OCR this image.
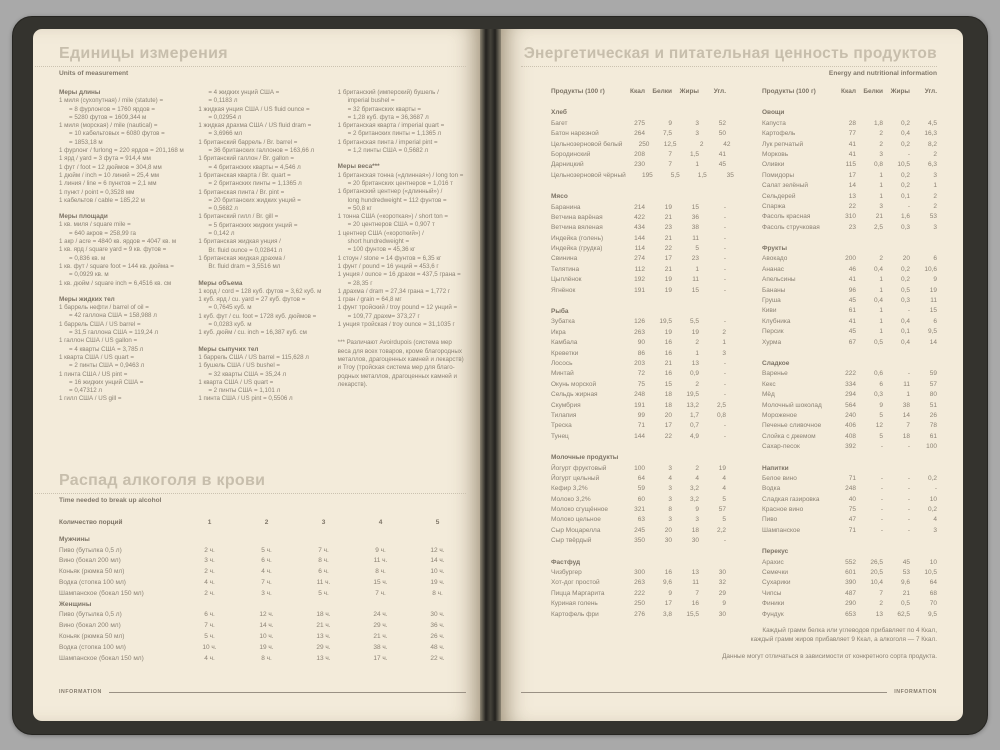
Единицы измерения
Units of measurement
Меры длины
1 миля (сухопутная) / mile (statute) =
= 8 фурлонгов = 1760 ярдов =
= 5280 футов = 1609,344 м
1 миля (морская) / mile (nautical) =
= 10 кабельтовых = 6080 футов =
= 1853,18 м
1 фурлонг / furlong = 220 ярдов = 201,168 м
1 ярд / yard = 3 фута = 914,4 мм
1 фут / foot = 12 дюймов = 304,8 мм
1 дюйм / inch = 10 линий = 25,4 мм
1 линия / line = 6 пунктов = 2,1 мм
1 пункт / point = 0,3528 мм
1 кабельтов / cable = 185,22 м
Меры площади
1 кв. миля / square mile =
= 640 акров = 258,99 га
1 акр / acre = 4840 кв. ярдов = 4047 кв. м
1 кв. ярд / square yard = 9 кв. футов =
= 0,836 кв. м
1 кв. фут / square foot = 144 кв. дюйма =
= 0,0929 кв. м
1 кв. дюйм / square inch = 6,4516 кв. см
Меры жидких тел
1 баррель нефти / barrel of oil =
= 42 галлона США = 158,988 л
1 баррель США / US barrel =
= 31,5 галлона США = 119,24 л
1 галлон США / US gallon =
= 4 кварты США = 3,785 л
1 кварта США / US quart =
= 2 пинты США = 0,9463 л
1 пинта США / US pint =
= 16 жидких унций США =
= 0,47312 л
1 гилл США / US gill =
= 4 жидких унций США =
= 0,1183 л
1 жидкая унция США / US fluid ounce =
= 0,02954 л
1 жидкая драхма США / US fluid dram =
= 3,6966 мл
1 британский баррель / Br. barrel =
= 36 британских галлонов = 163,66 л
1 британский галлон / Br. gallon =
= 4 британских кварты = 4,546 л
1 британская кварта / Br. quart =
= 2 британских пинты = 1,1365 л
1 британская пинта / Br. pint =
= 20 британских жидких унций =
= 0,5682 л
1 британский гилл / Br. gill =
= 5 британских жидких унций =
= 0,142 л
1 британская жидкая унция /
Br. fluid ounce = 0,02841 л
1 британская жидкая драхма /
Br. fluid dram = 3,5516 мл
Меры объема
1 корд / cord = 128 куб. футов = 3,62 куб. м
1 куб. ярд / cu. yard = 27 куб. футов =
= 0,7645 куб. м
1 куб. фут / cu. foot = 1728 куб. дюймов =
= 0,0283 куб. м
1 куб. дюйм / cu. inch = 16,387 куб. см
Меры сыпучих тел
1 баррель США / US barrel = 115,628 л
1 бушель США / US bushel =
= 32 кварты США = 35,24 л
1 кварта США / US quart =
= 2 пинты США = 1,101 л
1 пинта США / US pint = 0,5506 л
1 британский (имперский) бушель /
imperial bushel =
= 32 британских кварты =
= 1,28 куб. фута = 36,3687 л
1 британская кварта / imperial quart =
= 2 британских пинты = 1,1365 л
1 британская пинта / imperial pint =
= 1,2 пинты США = 0,5682 л
Меры веса***
1 британская тонна («длинная») / long ton =
= 20 британских центнеров = 1,016 т
1 британский центнер («длинный») /
long hundredweight = 112 фунтов =
= 50,8 кг
1 тонна США («короткая») / short ton =
= 20 центнеров США = 0,907 т
1 центнер США («короткий») /
short hundredweight =
= 100 фунтов = 45,36 кг
1 стоун / stone = 14 фунтов = 6,35 кг
1 фунт / pound = 16 унций = 453,6 г
1 унция / ounce = 16 драхм = 437,5 грана =
= 28,35 г
1 драхма / dram = 27,34 грана = 1,772 г
1 гран / grain = 64,8 мг
1 фунт тройский / troy pound = 12 унций =
= 109,77 драхм= 373,27 г
1 унция тройская / troy ounce = 31,1035 г
*** Различают Avoirdupois (система мер
веса для всех товаров, кроме благородных
металлов, драгоценных камней и лекарств)
и Troy (тройская система мер для благо-
родных металлов, драгоценных камней и
лекарств).
Распад алкоголя в крови
Time needed to break up alcohol
Количество порций	1	2	3	4	5
Мужчины
Пиво (бутылка 0,5 л)	2 ч.	5 ч.	7 ч.	9 ч.	12 ч.
Вино (бокал 200 мл)	3 ч.	6 ч.	8 ч.	11 ч.	14 ч.
Коньяк (рюмка 50 мл)	2 ч.	4 ч.	6 ч.	8 ч.	10 ч.
Водка (стопка 100 мл)	4 ч.	7 ч.	11 ч.	15 ч.	19 ч.
Шампанское (бокал 150 мл)	2 ч.	3 ч.	5 ч.	7 ч.	8 ч.
Женщины
Пиво (бутылка 0,5 л)	6 ч.	12 ч.	18 ч.	24 ч.	30 ч.
Вино (бокал 200 мл)	7 ч.	14 ч.	21 ч.	29 ч.	36 ч.
Коньяк (рюмка 50 мл)	5 ч.	10 ч.	13 ч.	21 ч.	26 ч.
Водка (стопка 100 мл)	10 ч.	19 ч.	29 ч.	38 ч.	48 ч.
Шампанское (бокал 150 мл)	4 ч.	8 ч.	13 ч.	17 ч.	22 ч.
INFORMATION
Энергетическая и питательная ценность продуктов
Energy and nutritional information
Продукты (100 г)	Ккал	Белки	Жиры	Угл.
Хлеб
Багет	275	9	3	52
Батон нарезной	264	7,5	3	50
Цельнозерновой белый	250	12,5	2	42
Бородинский	208	7	1,5	41
Дарницкий	230	7	1	45
Цельнозерновой чёрный	195	5,5	1,5	35
Мясо
Баранина	214	19	15	-
Ветчина варёная	422	21	36	-
Ветчина вяленая	434	23	38	-
Индейка (голень)	144	21	11	-
Индейка (грудка)	114	22	5	-
Свинина	274	17	23	-
Телятина	112	21	1	-
Цыплёнок	192	19	11	-
Ягнёнок	191	19	15	-
Рыба
Зубатка	126	19,5	5,5	-
Икра	263	19	19	2
Камбала	90	16	2	1
Креветки	86	16	1	3
Лосось	203	21	13	-
Минтай	72	16	0,9	-
Окунь морской	75	15	2	-
Сельдь жирная	248	18	19,5	-
Скумбрия	191	18	13,2	2,5
Тилапия	99	20	1,7	0,8
Треска	71	17	0,7	-
Тунец	144	22	4,9	-
Молочные продукты
Йогурт фруктовый	100	3	2	19
Йогурт цельный	64	4	4	4
Кефир 3,2%	59	3	3,2	4
Молоко 3,2%	60	3	3,2	5
Молоко сгущённое	321	8	9	57
Молоко цельное	63	3	3	5
Сыр Моцарелла	245	20	18	2,2
Сыр твёрдый	350	30	30	-
Фастфуд
Чизбургер	300	16	13	30
Хот-дог простой	263	9,6	11	32
Пицца Маргарита	222	9	7	29
Куриная голень	250	17	16	9
Картофель фри	276	3,8	15,5	30
Продукты (100 г)	Ккал	Белки	Жиры	Угл.
Овощи
Капуста	28	1,8	0,2	4,5
Картофель	77	2	0,4	16,3
Лук репчатый	41	2	0,2	8,2
Морковь	41	3	-	2
Оливки	115	0,8	10,5	6,3
Помидоры	17	1	0,2	3
Салат зелёный	14	1	0,2	1
Сельдерей	13	1	0,1	2
Спаржа	22	3	-	2
Фасоль красная	310	21	1,6	53
Фасоль стручковая	23	2,5	0,3	3
Фрукты
Авокадо	200	2	20	6
Ананас	46	0,4	0,2	10,6
Апельсины	41	1	0,2	9
Бананы	96	1	0,5	19
Груша	45	0,4	0,3	11
Киви	61	1	-	15
Клубника	41	1	0,4	6
Персик	45	1	0,1	9,5
Хурма	67	0,5	0,4	14
Сладкое
Варенье	222	0,6	-	59
Кекс	334	6	11	57
Мёд	294	0,3	1	80
Молочный шоколад	564	9	38	51
Мороженое	240	5	14	26
Печенье сливочное	406	12	7	78
Слойка с джемом	408	5	18	61
Сахар-песок	392	-	-	100
Напитки
Белое вино	71	-	-	0,2
Водка	248	-	-	-
Сладкая газировка	40	-	-	10
Красное вино	75	-	-	0,2
Пиво	47	-	-	4
Шампанское	71	-	-	3
Перекус
Арахис	552	26,5	45	10
Семечки	601	20,5	53	10,5
Сухарики	390	10,4	9,6	64
Чипсы	487	7	21	68
Финики	290	2	0,5	70
Фундук	653	13	62,5	9,5
Каждый грамм белка или углеводов прибавляет по 4 Ккал, каждый грамм жиров прибавляет 9 Ккал, а алкоголя — 7 Ккал.
Данные могут отличаться в зависимости от конкретного сорта продукта.
INFORMATION
